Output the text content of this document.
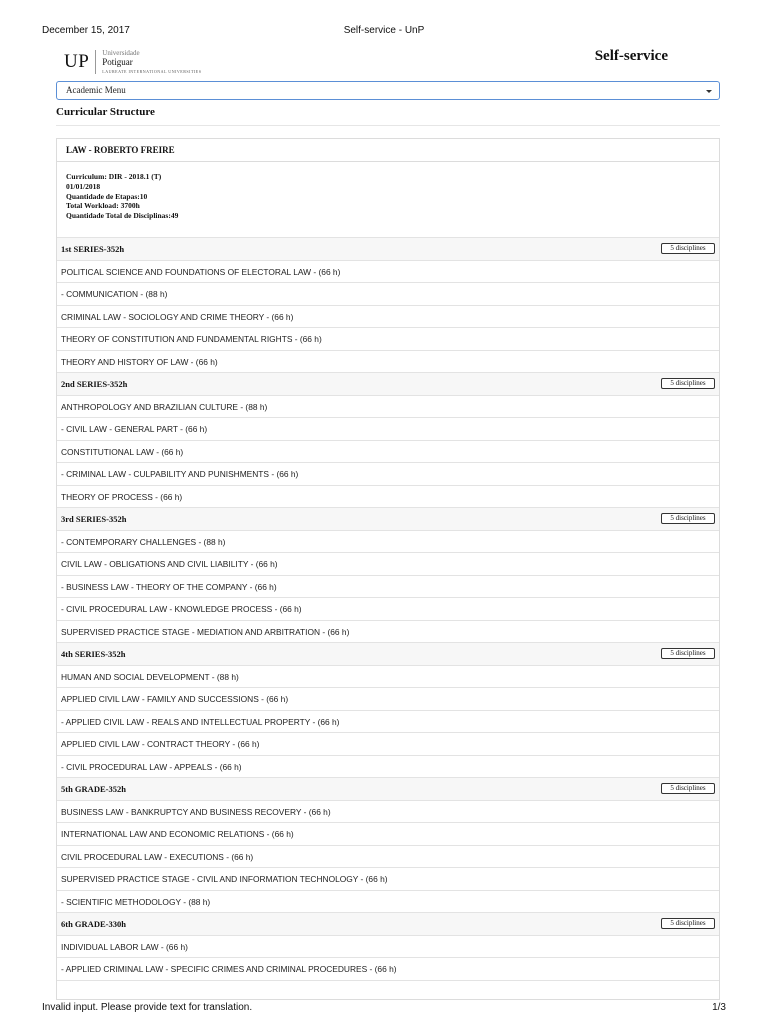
December 15, 2017	Self-service - UnP
UP Universidade
Potiguar
LAUREATE INTERNATIONAL UNIVERSITIES
Self-service
Academic Menu
Curricular Structure
LAW - ROBERTO FREIRE
Curriculum: DIR - 2018.1 (T)
01/01/2018
Quantidade de Etapas:10
Total Workload: 3700h
Quantidade Total de Disciplinas:49
1st SERIES-352h	5 disciplines
POLITICAL SCIENCE AND FOUNDATIONS OF ELECTORAL LAW - (66 h)
- COMMUNICATION - (88 h)
CRIMINAL LAW - SOCIOLOGY AND CRIME THEORY - (66 h)
THEORY OF CONSTITUTION AND FUNDAMENTAL RIGHTS - (66 h)
THEORY AND HISTORY OF LAW - (66 h)
2nd SERIES-352h	5 disciplines
ANTHROPOLOGY AND BRAZILIAN CULTURE - (88 h)
- CIVIL LAW - GENERAL PART - (66 h)
CONSTITUTIONAL LAW - (66 h)
- CRIMINAL LAW - CULPABILITY AND PUNISHMENTS - (66 h)
THEORY OF PROCESS - (66 h)
3rd SERIES-352h	5 disciplines
- CONTEMPORARY CHALLENGES - (88 h)
CIVIL LAW - OBLIGATIONS AND CIVIL LIABILITY - (66 h)
- BUSINESS LAW - THEORY OF THE COMPANY - (66 h)
- CIVIL PROCEDURAL LAW - KNOWLEDGE PROCESS - (66 h)
SUPERVISED PRACTICE STAGE - MEDIATION AND ARBITRATION - (66 h)
4th SERIES-352h	5 disciplines
HUMAN AND SOCIAL DEVELOPMENT - (88 h)
APPLIED CIVIL LAW - FAMILY AND SUCCESSIONS - (66 h)
- APPLIED CIVIL LAW - REALS AND INTELLECTUAL PROPERTY - (66 h)
APPLIED CIVIL LAW - CONTRACT THEORY - (66 h)
- CIVIL PROCEDURAL LAW - APPEALS - (66 h)
5th GRADE-352h	5 disciplines
BUSINESS LAW - BANKRUPTCY AND BUSINESS RECOVERY - (66 h)
INTERNATIONAL LAW AND ECONOMIC RELATIONS - (66 h)
CIVIL PROCEDURAL LAW - EXECUTIONS - (66 h)
SUPERVISED PRACTICE STAGE - CIVIL AND INFORMATION TECHNOLOGY - (66 h)
- SCIENTIFIC METHODOLOGY - (88 h)
6th GRADE-330h	5 disciplines
INDIVIDUAL LABOR LAW - (66 h)
- APPLIED CRIMINAL LAW - SPECIFIC CRIMES AND CRIMINAL PROCEDURES - (66 h)
Invalid input. Please provide text for translation.	1/3
